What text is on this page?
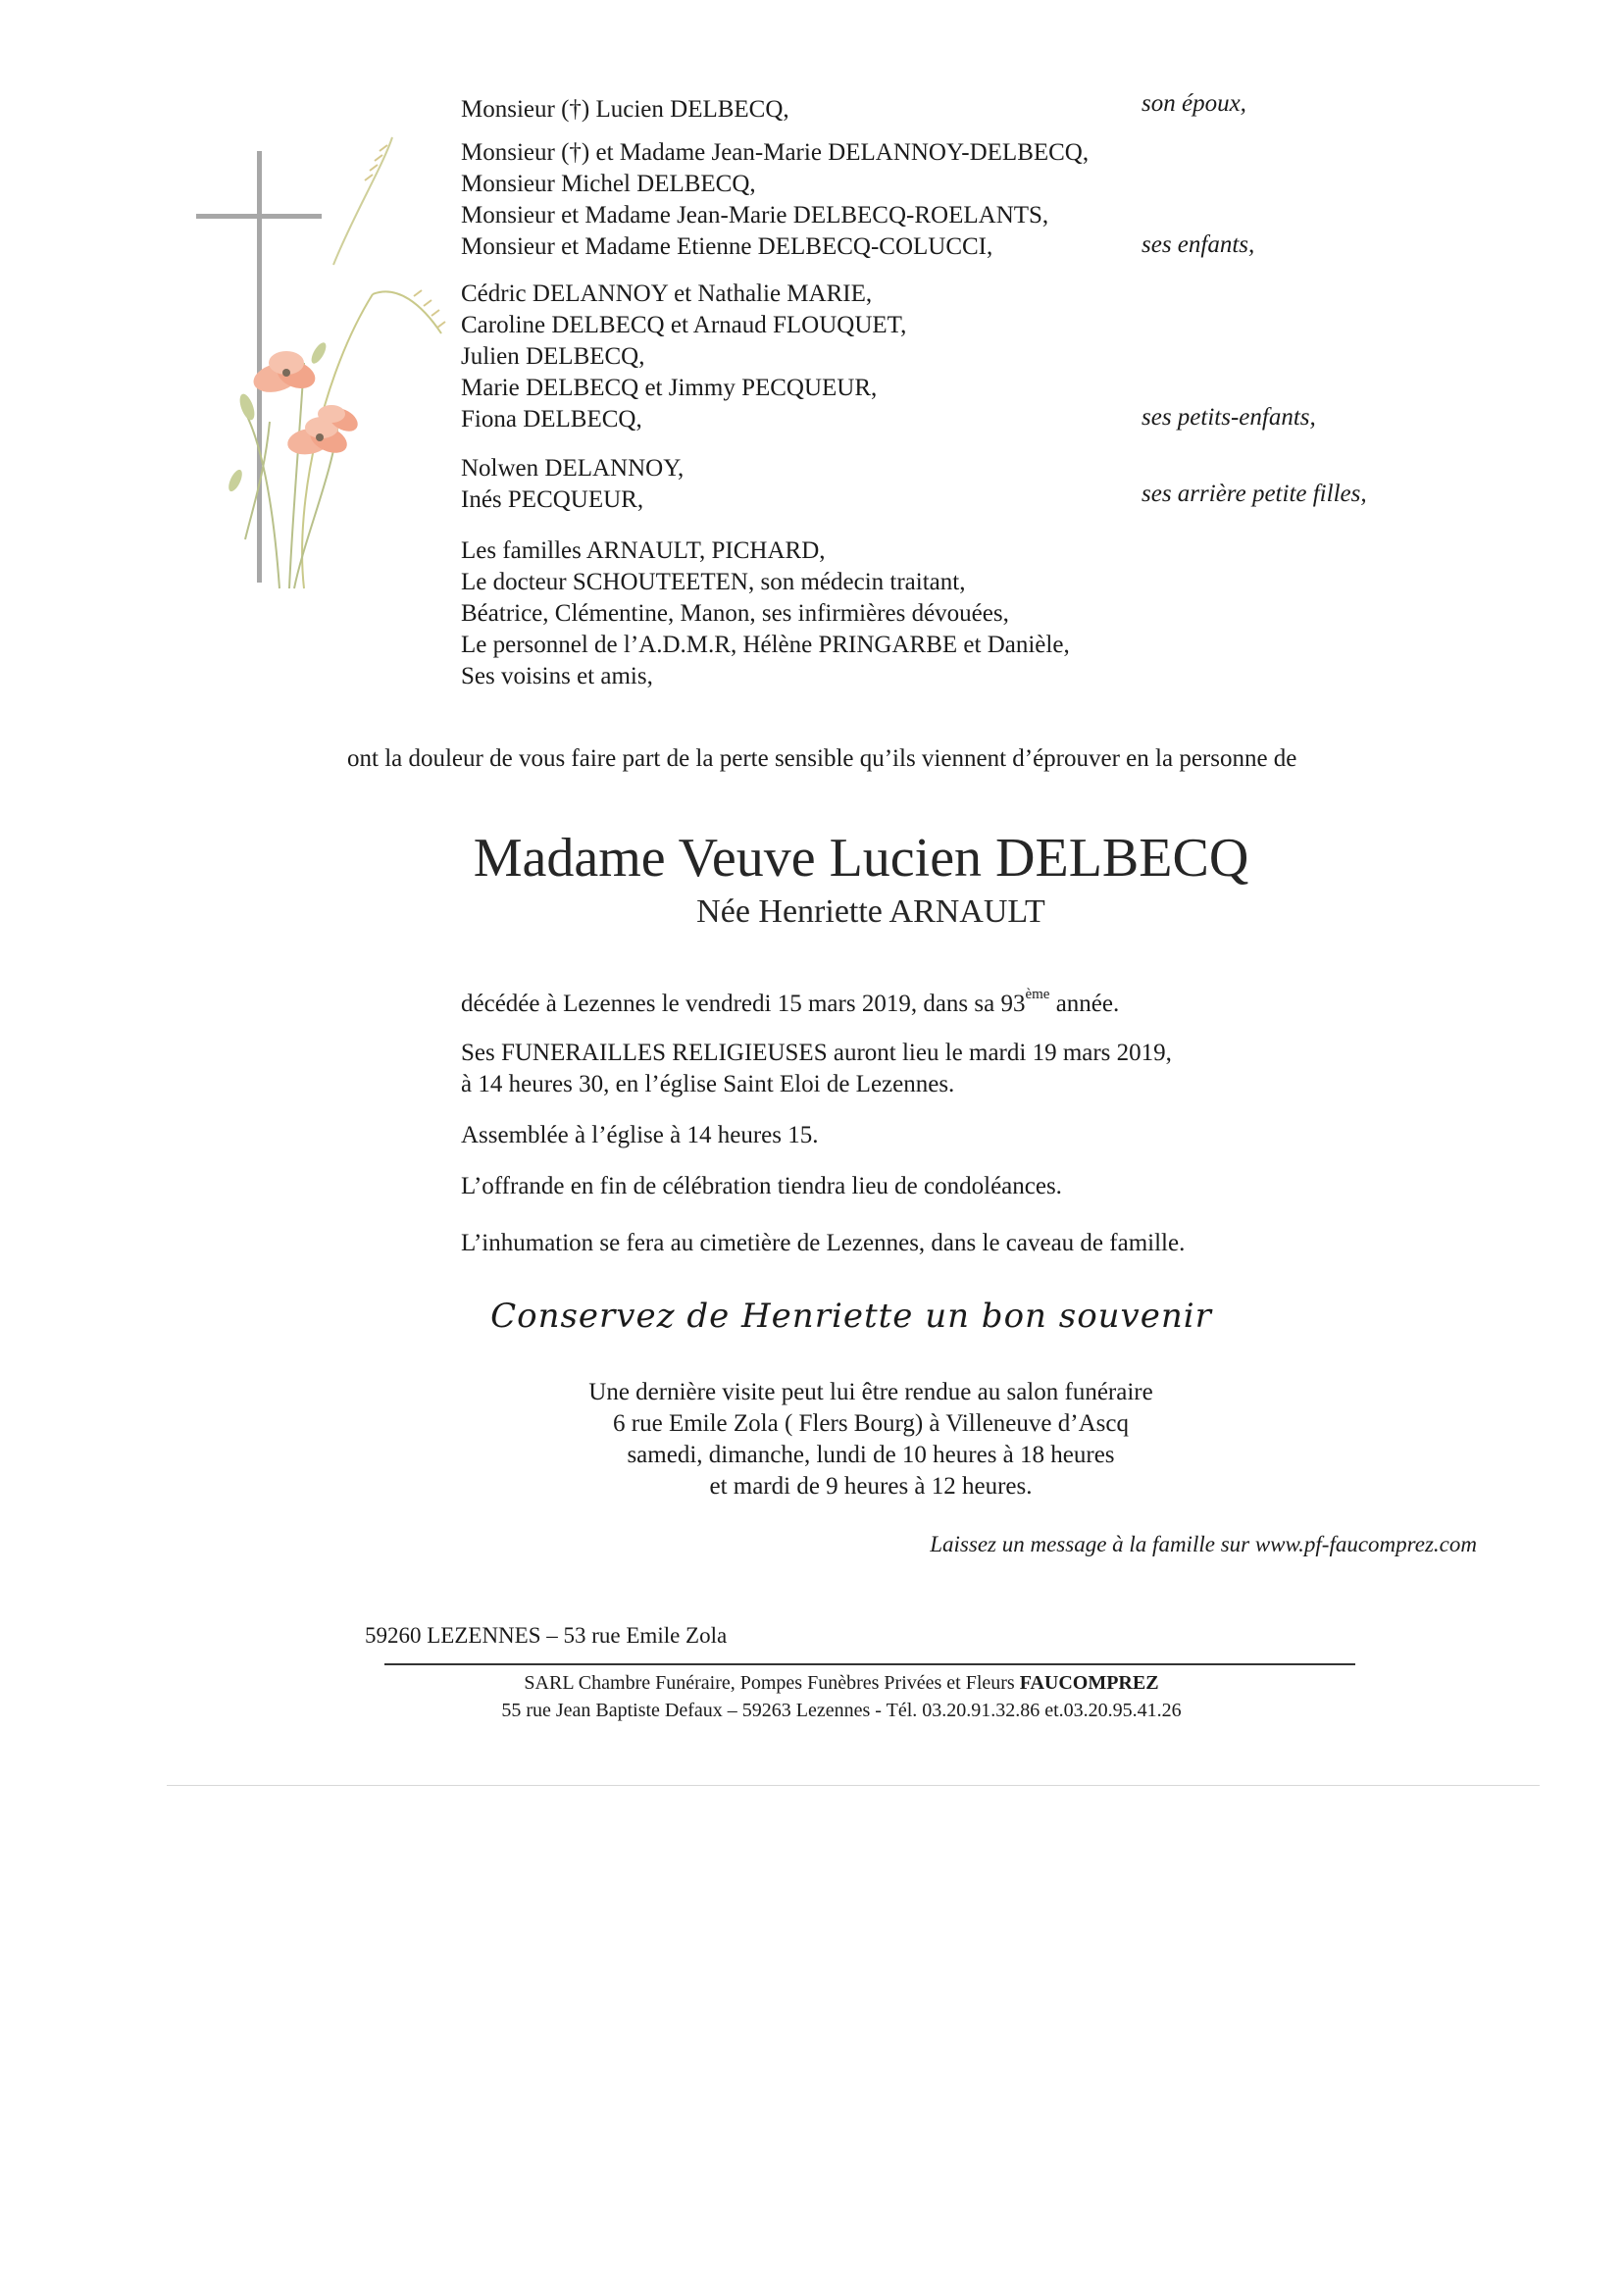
Monsieur (†) Lucien DELBECQ,	son époux,
Monsieur (†) et Madame Jean-Marie DELANNOY-DELBECQ,
Monsieur Michel DELBECQ,
Monsieur et Madame Jean-Marie DELBECQ-ROELANTS,
Monsieur et Madame Etienne DELBECQ-COLUCCI,	ses enfants,
Cédric DELANNOY et Nathalie MARIE,
Caroline DELBECQ et Arnaud FLOUQUET,
Julien DELBECQ,
Marie DELBECQ et Jimmy PECQUEUR,
Fiona DELBECQ,	ses petits-enfants,
Nolwen DELANNOY,
Inés PECQUEUR,	ses arrière petite filles,
Les familles ARNAULT, PICHARD,
Le docteur SCHOUTEETEN, son médecin traitant,
Béatrice, Clémentine, Manon, ses infirmières dévouées,
Le personnel de l’A.D.M.R, Hélène PRINGARBE et Danièle,
Ses voisins et amis,
ont la douleur de vous faire part de la perte sensible qu’ils viennent d’éprouver en la personne de
Madame Veuve Lucien DELBECQ
Née Henriette ARNAULT
décédée à Lezennes le vendredi 15 mars 2019, dans sa 93ème année.
Ses FUNERAILLES RELIGIEUSES auront lieu le mardi 19 mars 2019,
à 14 heures 30, en l’église Saint Eloi de Lezennes.
Assemblée à l’église à 14 heures 15.
L’offrande en fin de célébration tiendra lieu de condoléances.
L’inhumation se fera au cimetière de Lezennes, dans le caveau de famille.
Conservez de Henriette un bon souvenir
Une dernière visite peut lui être rendue au salon funéraire
6 rue Emile Zola ( Flers Bourg) à Villeneuve d’Ascq
samedi, dimanche, lundi de 10 heures à 18 heures
et mardi de 9 heures à 12 heures.
Laissez un message à la famille sur www.pf-faucomprez.com
59260 LEZENNES – 53 rue Emile Zola
SARL Chambre Funéraire, Pompes Funèbres Privées et Fleurs FAUCOMPREZ
55 rue Jean Baptiste Defaux – 59263 Lezennes - Tél. 03.20.91.32.86 et.03.20.95.41.26
